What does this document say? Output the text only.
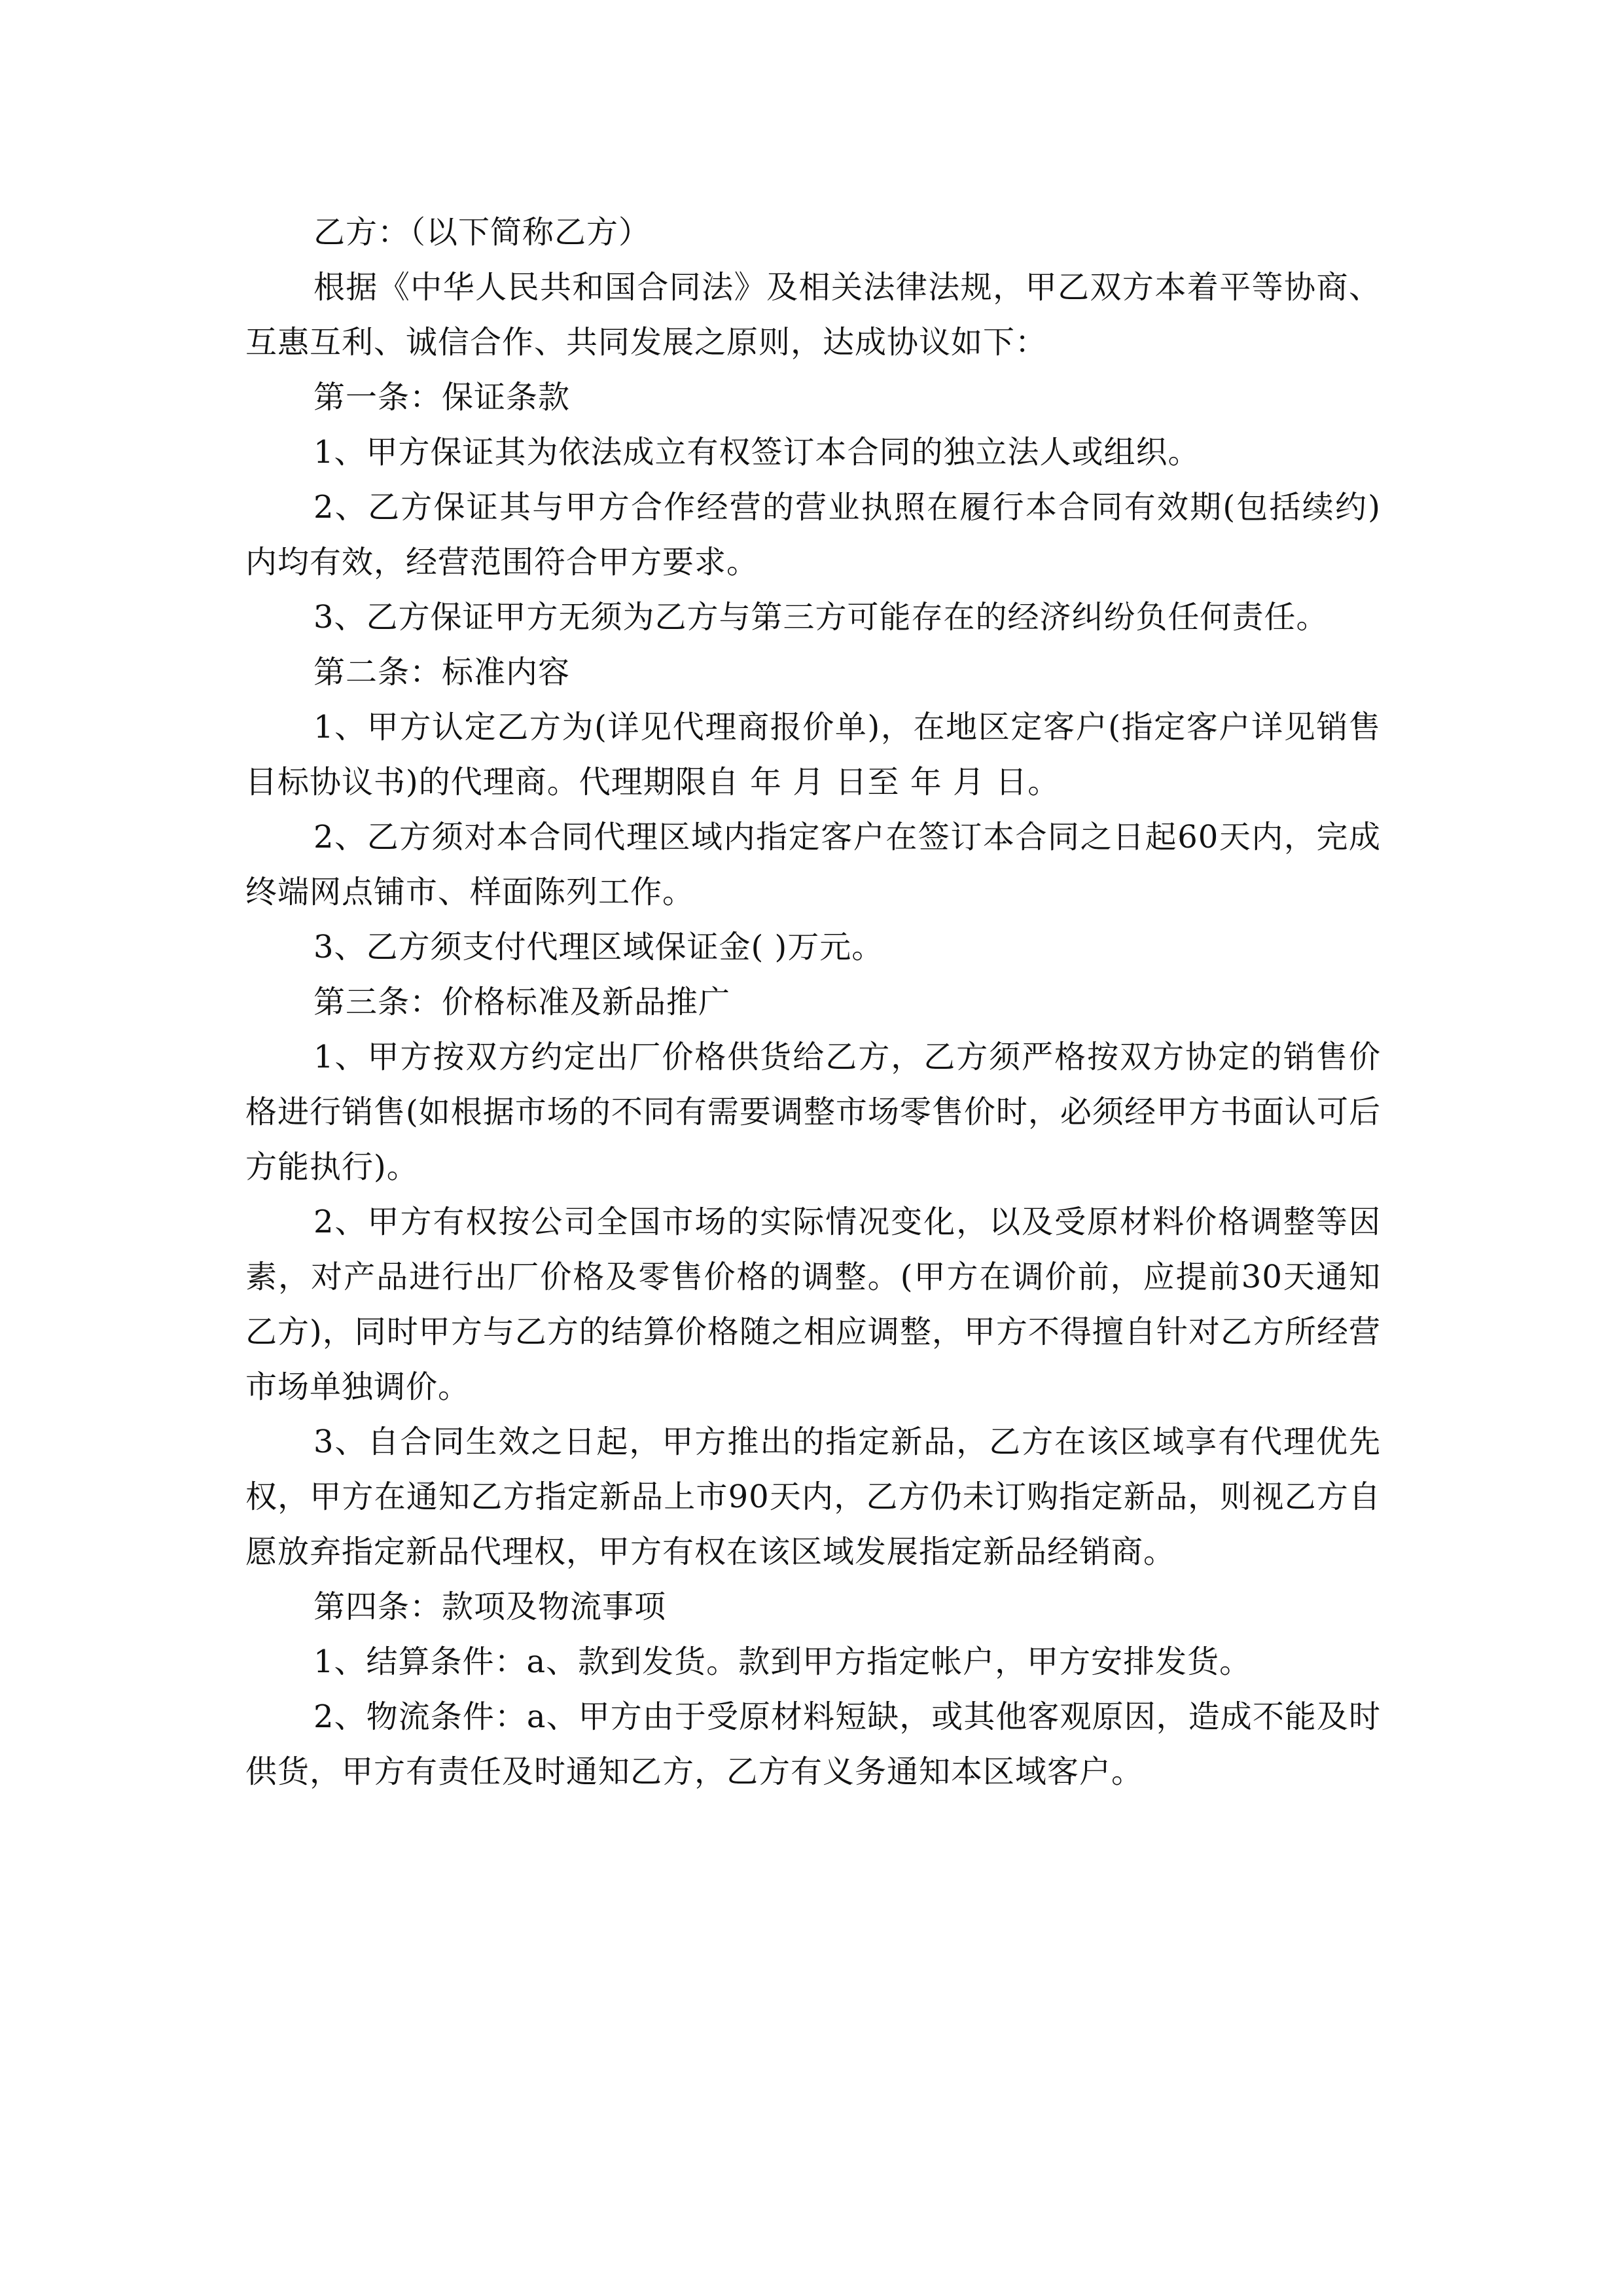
乙方：（以下简称乙方）

根据《中华人民共和国合同法》及相关法律法规，甲乙双方本着平等协商、互惠互利、诚信合作、共同发展之原则，达成协议如下：

第一条：保证条款

1、甲方保证其为依法成立有权签订本合同的独立法人或组织。

2、乙方保证其与甲方合作经营的营业执照在履行本合同有效期(包括续约)内均有效，经营范围符合甲方要求。

3、乙方保证甲方无须为乙方与第三方可能存在的经济纠纷负任何责任。

第二条：标准内容

1、甲方认定乙方为(详见代理商报价单)，在地区定客户(指定客户详见销售目标协议书)的代理商。代理期限自 年 月 日至 年 月 日。

2、乙方须对本合同代理区域内指定客户在签订本合同之日起60天内，完成终端网点铺市、样面陈列工作。

3、乙方须支付代理区域保证金( )万元。

第三条：价格标准及新品推广

1、甲方按双方约定出厂价格供货给乙方，乙方须严格按双方协定的销售价格进行销售(如根据市场的不同有需要调整市场零售价时，必须经甲方书面认可后方能执行)。

2、甲方有权按公司全国市场的实际情况变化，以及受原材料价格调整等因素，对产品进行出厂价格及零售价格的调整。(甲方在调价前，应提前30天通知乙方)，同时甲方与乙方的结算价格随之相应调整，甲方不得擅自针对乙方所经营市场单独调价。

3、自合同生效之日起，甲方推出的指定新品，乙方在该区域享有代理优先权，甲方在通知乙方指定新品上市90天内，乙方仍未订购指定新品，则视乙方自愿放弃指定新品代理权，甲方有权在该区域发展指定新品经销商。

第四条：款项及物流事项

1、结算条件：a、款到发货。款到甲方指定帐户，甲方安排发货。

2、物流条件：a、甲方由于受原材料短缺，或其他客观原因，造成不能及时供货，甲方有责任及时通知乙方，乙方有义务通知本区域客户。
